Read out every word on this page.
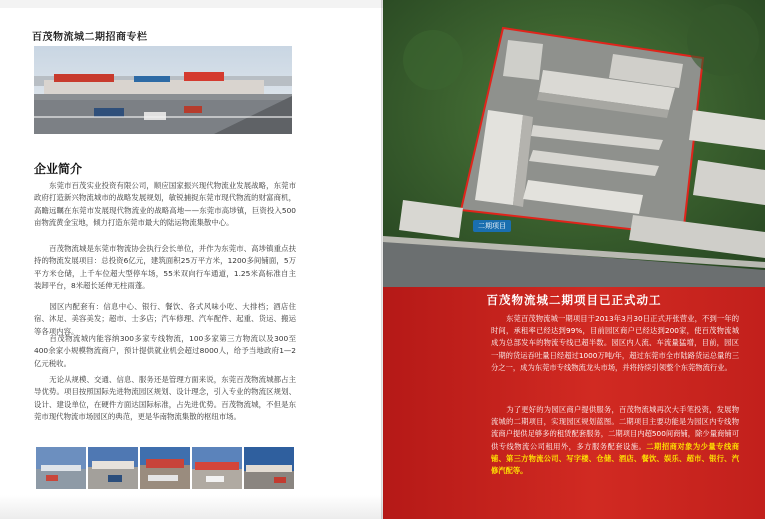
百茂物流城二期招商专栏
企业简介
东莞市百茂实业投资有限公司，顺应国家振兴现代物流业发展战略，东莞市政府打造新兴物流城市的战略发展规划，敏锐捕捉东莞市现代物流的财富商机，高瞻远瞩在东莞市发展现代物流业的战略高地——东莞市高埗镇，巨资投入500亩物流黄金宝地，倾力打造东莞市最大的陆运物流集散中心。
百茂物流城是东莞市物流协会执行会长单位，并作为东莞市、高埗镇重点扶持的物流发展项目：总投资6亿元，建筑面积25万平方米，1200多间铺面，5万平方米仓储，上千车位超大型停车场，55米双向行车通道，1.25米高标准自主装卸平台，8米超长延伸无柱雨蓬。
园区内配套有：信息中心、银行、餐饮、各式风味小吃、大排档；酒店住宿、沐足、美容美发；超市、士多店；汽车修理、汽车配件、起重、货运、搬运等各项内容。
百茂物流城内能容纳300多家专线物流，100多家第三方物流以及300至400余家小规模物流商户，预计提供就业机会超过8000人，给予当地政府1—2亿元税收。
无论从规模、交通、信息、服务还是管理方面来说，东莞百茂物流城都占主导优势。项目按照国际先进物流园区规划、设计理念，引入专业的物流区规划、设计、建设单位，在硬件方面达国际标准，占先进优势。百茂物流城，不但是东莞市现代物流市场园区的典范，更是华南物流集散的枢纽市场。
二期项目
百茂物流城二期项目已正式动工
东莞百茂物流城一期项目于2013年3月30日正式开张营业，不到一年的时间，承租率已经达到99%，目前园区商户已经达到200家，使百茂物流城成为总部发车的物流专线已超半数。园区内人流、车流量猛增，目前，园区一期的货运吞吐量日经超过1000万吨/年，超过东莞市全市陆路货运总量的三分之一，成为东莞市专线物流龙头市场，并将持续引领整个东莞物流行业。
为了更好的为园区商户提供服务，百茂物流城再次大手笔投资，发展物流城的二期项目，实现园区规划蓝图。二期项目主要功能是为园区内专线物流商户提供足够多的租赁配套服务，二期项目内超500间商铺，除少量商铺可供专线物流公司租用外，多方服务配套设施。二期招商对象为少量专线商铺、第三方物流公司、写字楼、仓储、酒店、餐饮、娱乐、超市、银行、汽修汽配等。
